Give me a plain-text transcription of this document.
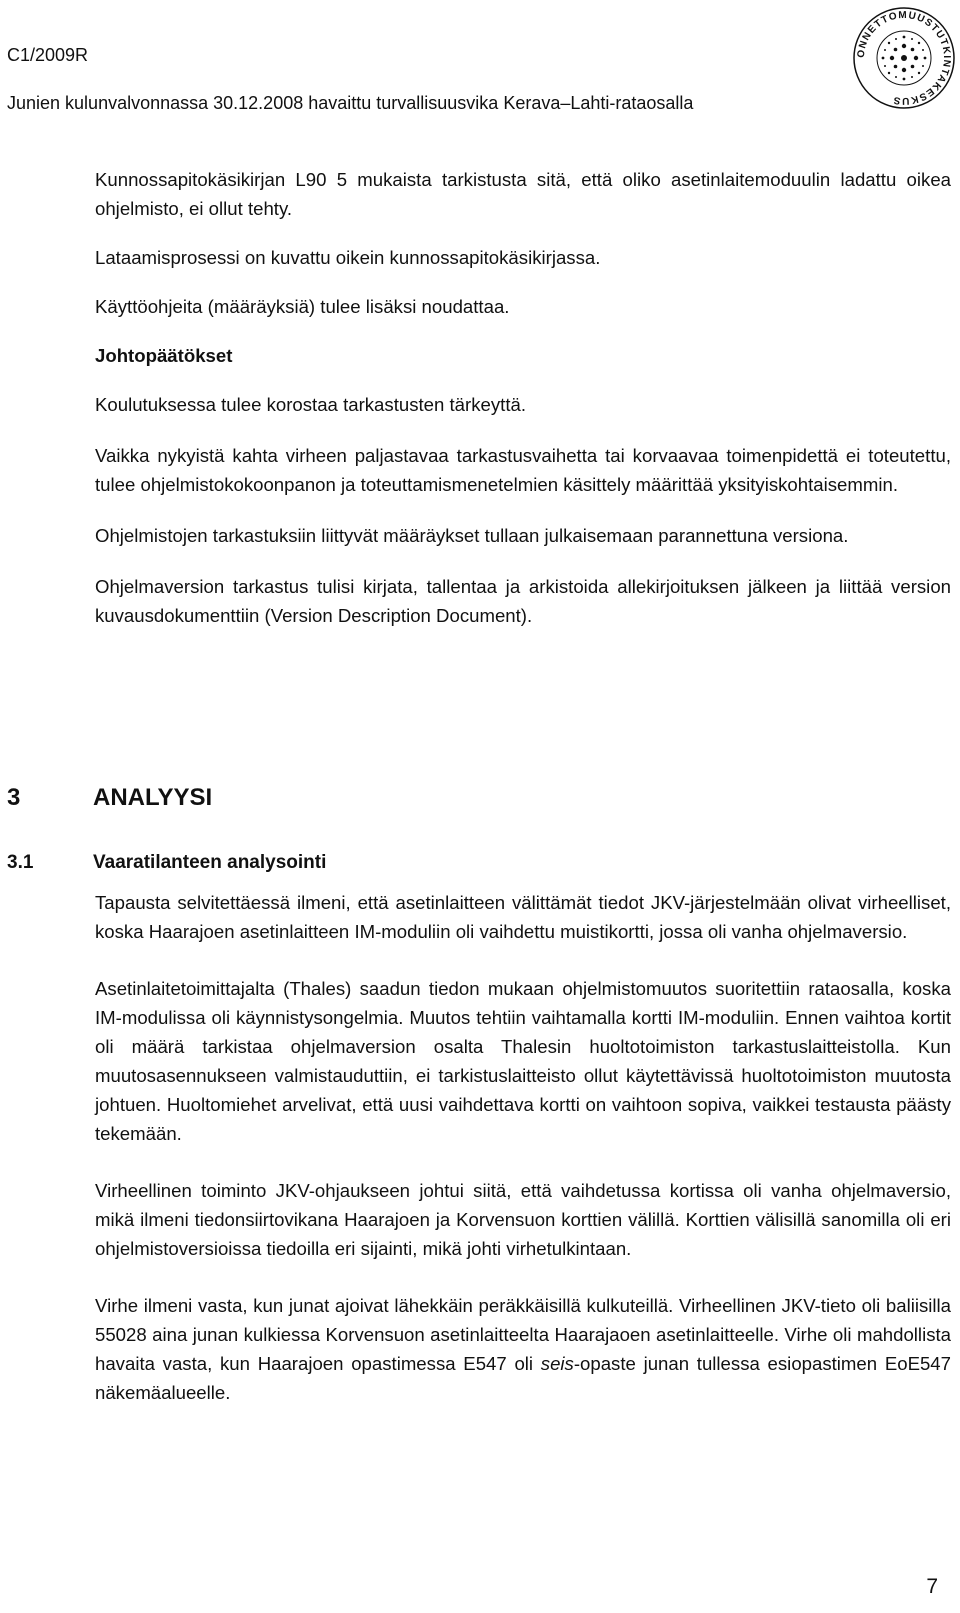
C1/2009R
Junien kulunvalvonnassa 30.12.2008 havaittu turvallisuusvika Kerava–Lahti-rataosalla
ONNETTOMUUSTUTKINTAKESKUS

Kunnossapitokäsikirjan L90 5 mukaista tarkistusta sitä, että oliko asetinlaitemoduulin ladattu oikea ohjelmisto, ei ollut tehty.

Lataamisprosessi on kuvattu oikein kunnossapitokäsikirjassa.

Käyttöohjeita (määräyksiä) tulee lisäksi noudattaa.

Johtopäätökset

Koulutuksessa tulee korostaa tarkastusten tärkeyttä.

Vaikka nykyistä kahta virheen paljastavaa tarkastusvaihetta tai korvaavaa toimenpidettä ei toteutettu, tulee ohjelmistokokoonpanon ja toteuttamismenetelmien käsittely määrittää yksityiskohtaisemmin.

Ohjelmistojen tarkastuksiin liittyvät määräykset tullaan julkaisemaan parannettuna versiona.

Ohjelmaversion tarkastus tulisi kirjata, tallentaa ja arkistoida allekirjoituksen jälkeen ja liittää version kuvausdokumenttiin (Version Description Document).

3	ANALYYSI
3.1	Vaaratilanteen analysointi

Tapausta selvitettäessä ilmeni, että asetinlaitteen välittämät tiedot JKV-järjestelmään olivat virheelliset, koska Haarajoen asetinlaitteen IM-moduliin oli vaihdettu muistikortti, jossa oli vanha ohjelmaversio.

Asetinlaitetoimittajalta (Thales) saadun tiedon mukaan ohjelmistomuutos suoritettiin rataosalla, koska IM-modulissa oli käynnistysongelmia. Muutos tehtiin vaihtamalla kortti IM-moduliin. Ennen vaihtoa kortit oli määrä tarkistaa ohjelmaversion osalta Thalesin huoltotoimiston tarkastuslaitteistolla. Kun muutosasennukseen valmistauduttiin, ei tarkistuslaitteisto ollut käytettävissä huoltotoimiston muutosta johtuen. Huoltomiehet arvelivat, että uusi vaihdettava kortti on vaihtoon sopiva, vaikkei testausta päästy tekemään.

Virheellinen toiminto JKV-ohjaukseen johtui siitä, että vaihdetussa kortissa oli vanha ohjelmaversio, mikä ilmeni tiedonsiirtovikana Haarajoen ja Korvensuon korttien välillä. Korttien välisillä sanomilla oli eri ohjelmistoversioissa tiedoilla eri sijainti, mikä johti virhetulkintaan.

Virhe ilmeni vasta, kun junat ajoivat lähekkäin peräkkäisillä kulkuteillä. Virheellinen JKV-tieto oli baliisilla 55028 aina junan kulkiessa Korvensuon asetinlaitteelta Haarajaoen asetinlaitteelle. Virhe oli mahdollista havaita vasta, kun Haarajoen opastimessa E547 oli seis-opaste junan tullessa esiopastimen EoE547 näkemäalueelle.

7
